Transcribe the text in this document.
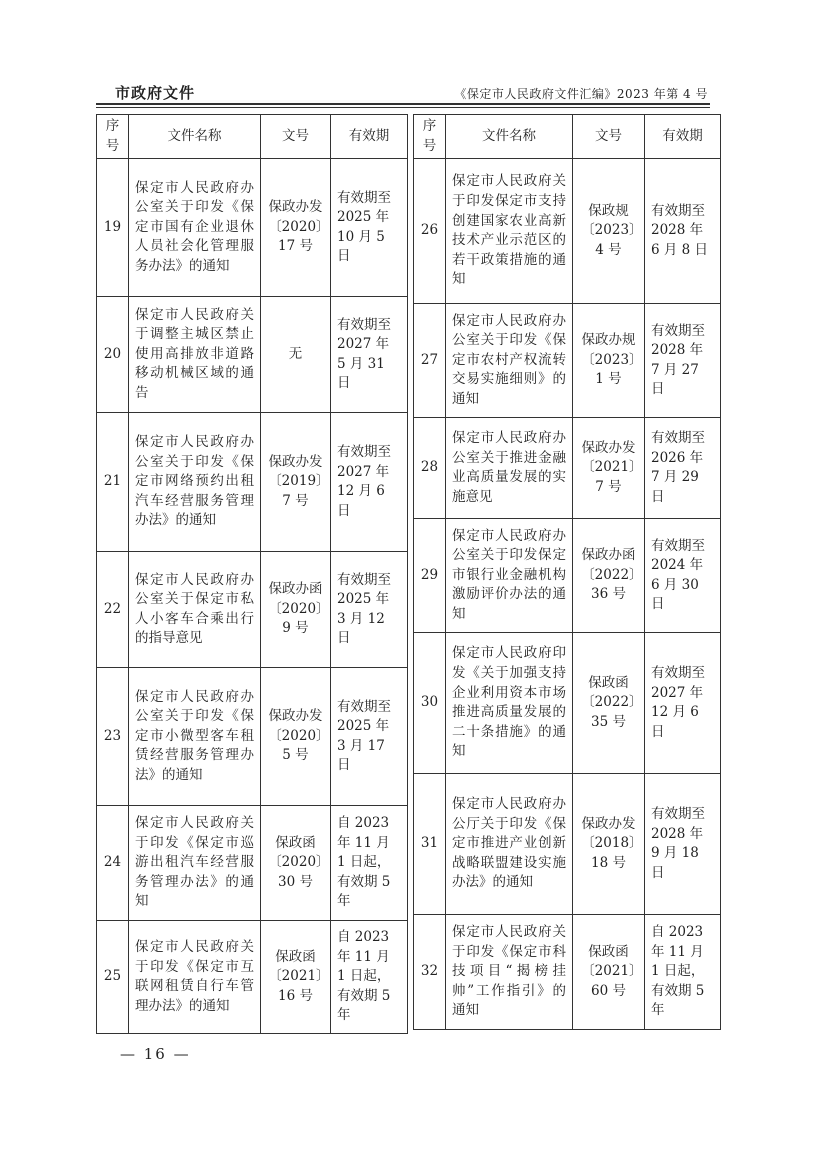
市政府文件	《保定市人民政府文件汇编》2023 年第 4 号
序号	文件名称	文号	有效期
19	保定市人民政府办公室关于印发《保定市国有企业退休人员社会化管理服务办法》的通知	保政办发〔2020〕17 号	有效期至 2025 年 10 月 5 日
20	保定市人民政府关于调整主城区禁止使用高排放非道路移动机械区域的通告	无	有效期至 2027 年 5 月 31 日
21	保定市人民政府办公室关于印发《保定市网络预约出租汽车经营服务管理办法》的通知	保政办发〔2019〕7 号	有效期至 2027 年 12 月 6 日
22	保定市人民政府办公室关于保定市私人小客车合乘出行的指导意见	保政办函〔2020〕9 号	有效期至 2025 年 3 月 12 日
23	保定市人民政府办公室关于印发《保定市小微型客车租赁经营服务管理办法》的通知	保政办发〔2020〕5 号	有效期至 2025 年 3 月 17 日
24	保定市人民政府关于印发《保定市巡游出租汽车经营服务管理办法》的通知	保政函〔2020〕30 号	自 2023 年 11 月 1 日起，有效期 5 年
25	保定市人民政府关于印发《保定市互联网租赁自行车管理办法》的通知	保政函〔2021〕16 号	自 2023 年 11 月 1 日起，有效期 5 年
序号	文件名称	文号	有效期
26	保定市人民政府关于印发保定市支持创建国家农业高新技术产业示范区的若干政策措施的通知	保政规〔2023〕4 号	有效期至 2028 年 6 月 8 日
27	保定市人民政府办公室关于印发《保定市农村产权流转交易实施细则》的通知	保政办规〔2023〕1 号	有效期至 2028 年 7 月 27 日
28	保定市人民政府办公室关于推进金融业高质量发展的实施意见	保政办发〔2021〕7 号	有效期至 2026 年 7 月 29 日
29	保定市人民政府办公室关于印发保定市银行业金融机构激励评价办法的通知	保政办函〔2022〕36 号	有效期至 2024 年 6 月 30 日
30	保定市人民政府印发《关于加强支持企业利用资本市场推进高质量发展的二十条措施》的通知	保政函〔2022〕35 号	有效期至 2027 年 12 月 6 日
31	保定市人民政府办公厅关于印发《保定市推进产业创新战略联盟建设实施办法》的通知	保政办发〔2018〕18 号	有效期至 2028 年 9 月 18 日
32	保定市人民政府关于印发《保定市科技项目“揭榜挂帅”工作指引》的通知	保政函〔2021〕60 号	自 2023 年 11 月 1 日起，有效期 5 年
— 16 —
